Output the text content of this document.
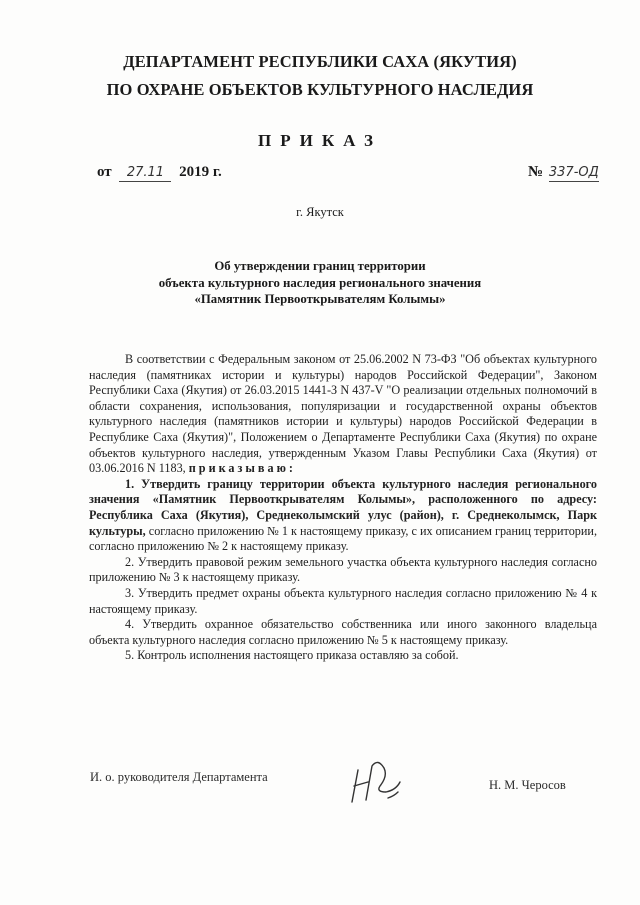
ДЕПАРТАМЕНТ РЕСПУБЛИКИ САХА (ЯКУТИЯ)
ПО ОХРАНЕ ОБЪЕКТОВ КУЛЬТУРНОГО НАСЛЕДИЯ
ПРИКАЗ
от 27.11 2019 г.	№ 337-ОД
г. Якутск
Об утверждении границ территории
объекта культурного наследия регионального значения
«Памятник Первооткрывателям Колымы»

В соответствии с Федеральным законом от 25.06.2002 N 73-ФЗ "Об объектах культурного наследия (памятниках истории и культуры) народов Российской Федерации", Законом Республики Саха (Якутия) от 26.03.2015 1441-З N 437-V "О реализации отдельных полномочий в области сохранения, использования, популяризации и государственной охраны объектов культурного наследия (памятников истории и культуры) народов Российской Федерации в Республике Саха (Якутия)", Положением о Департаменте Республики Саха (Якутия) по охране объектов культурного наследия, утвержденным Указом Главы Республики Саха (Якутия) от 03.06.2016 N 1183, приказываю:

1. Утвердить границу территории объекта культурного наследия регионального значения «Памятник Первооткрывателям Колымы», расположенного по адресу: Республика Саха (Якутия), Среднеколымский улус (район), г. Среднеколымск, Парк культуры, согласно приложению № 1 к настоящему приказу, с их описанием границ территории, согласно приложению № 2 к настоящему приказу.

2. Утвердить правовой режим земельного участка объекта культурного наследия согласно приложению № 3 к настоящему приказу.

3. Утвердить предмет охраны объекта культурного наследия согласно приложению № 4 к настоящему приказу.

4. Утвердить охранное обязательство собственника или иного законного владельца объекта культурного наследия согласно приложению № 5 к настоящему приказу.

5. Контроль исполнения настоящего приказа оставляю за собой.

И. о. руководителя Департамента
Н. М. Черосов
